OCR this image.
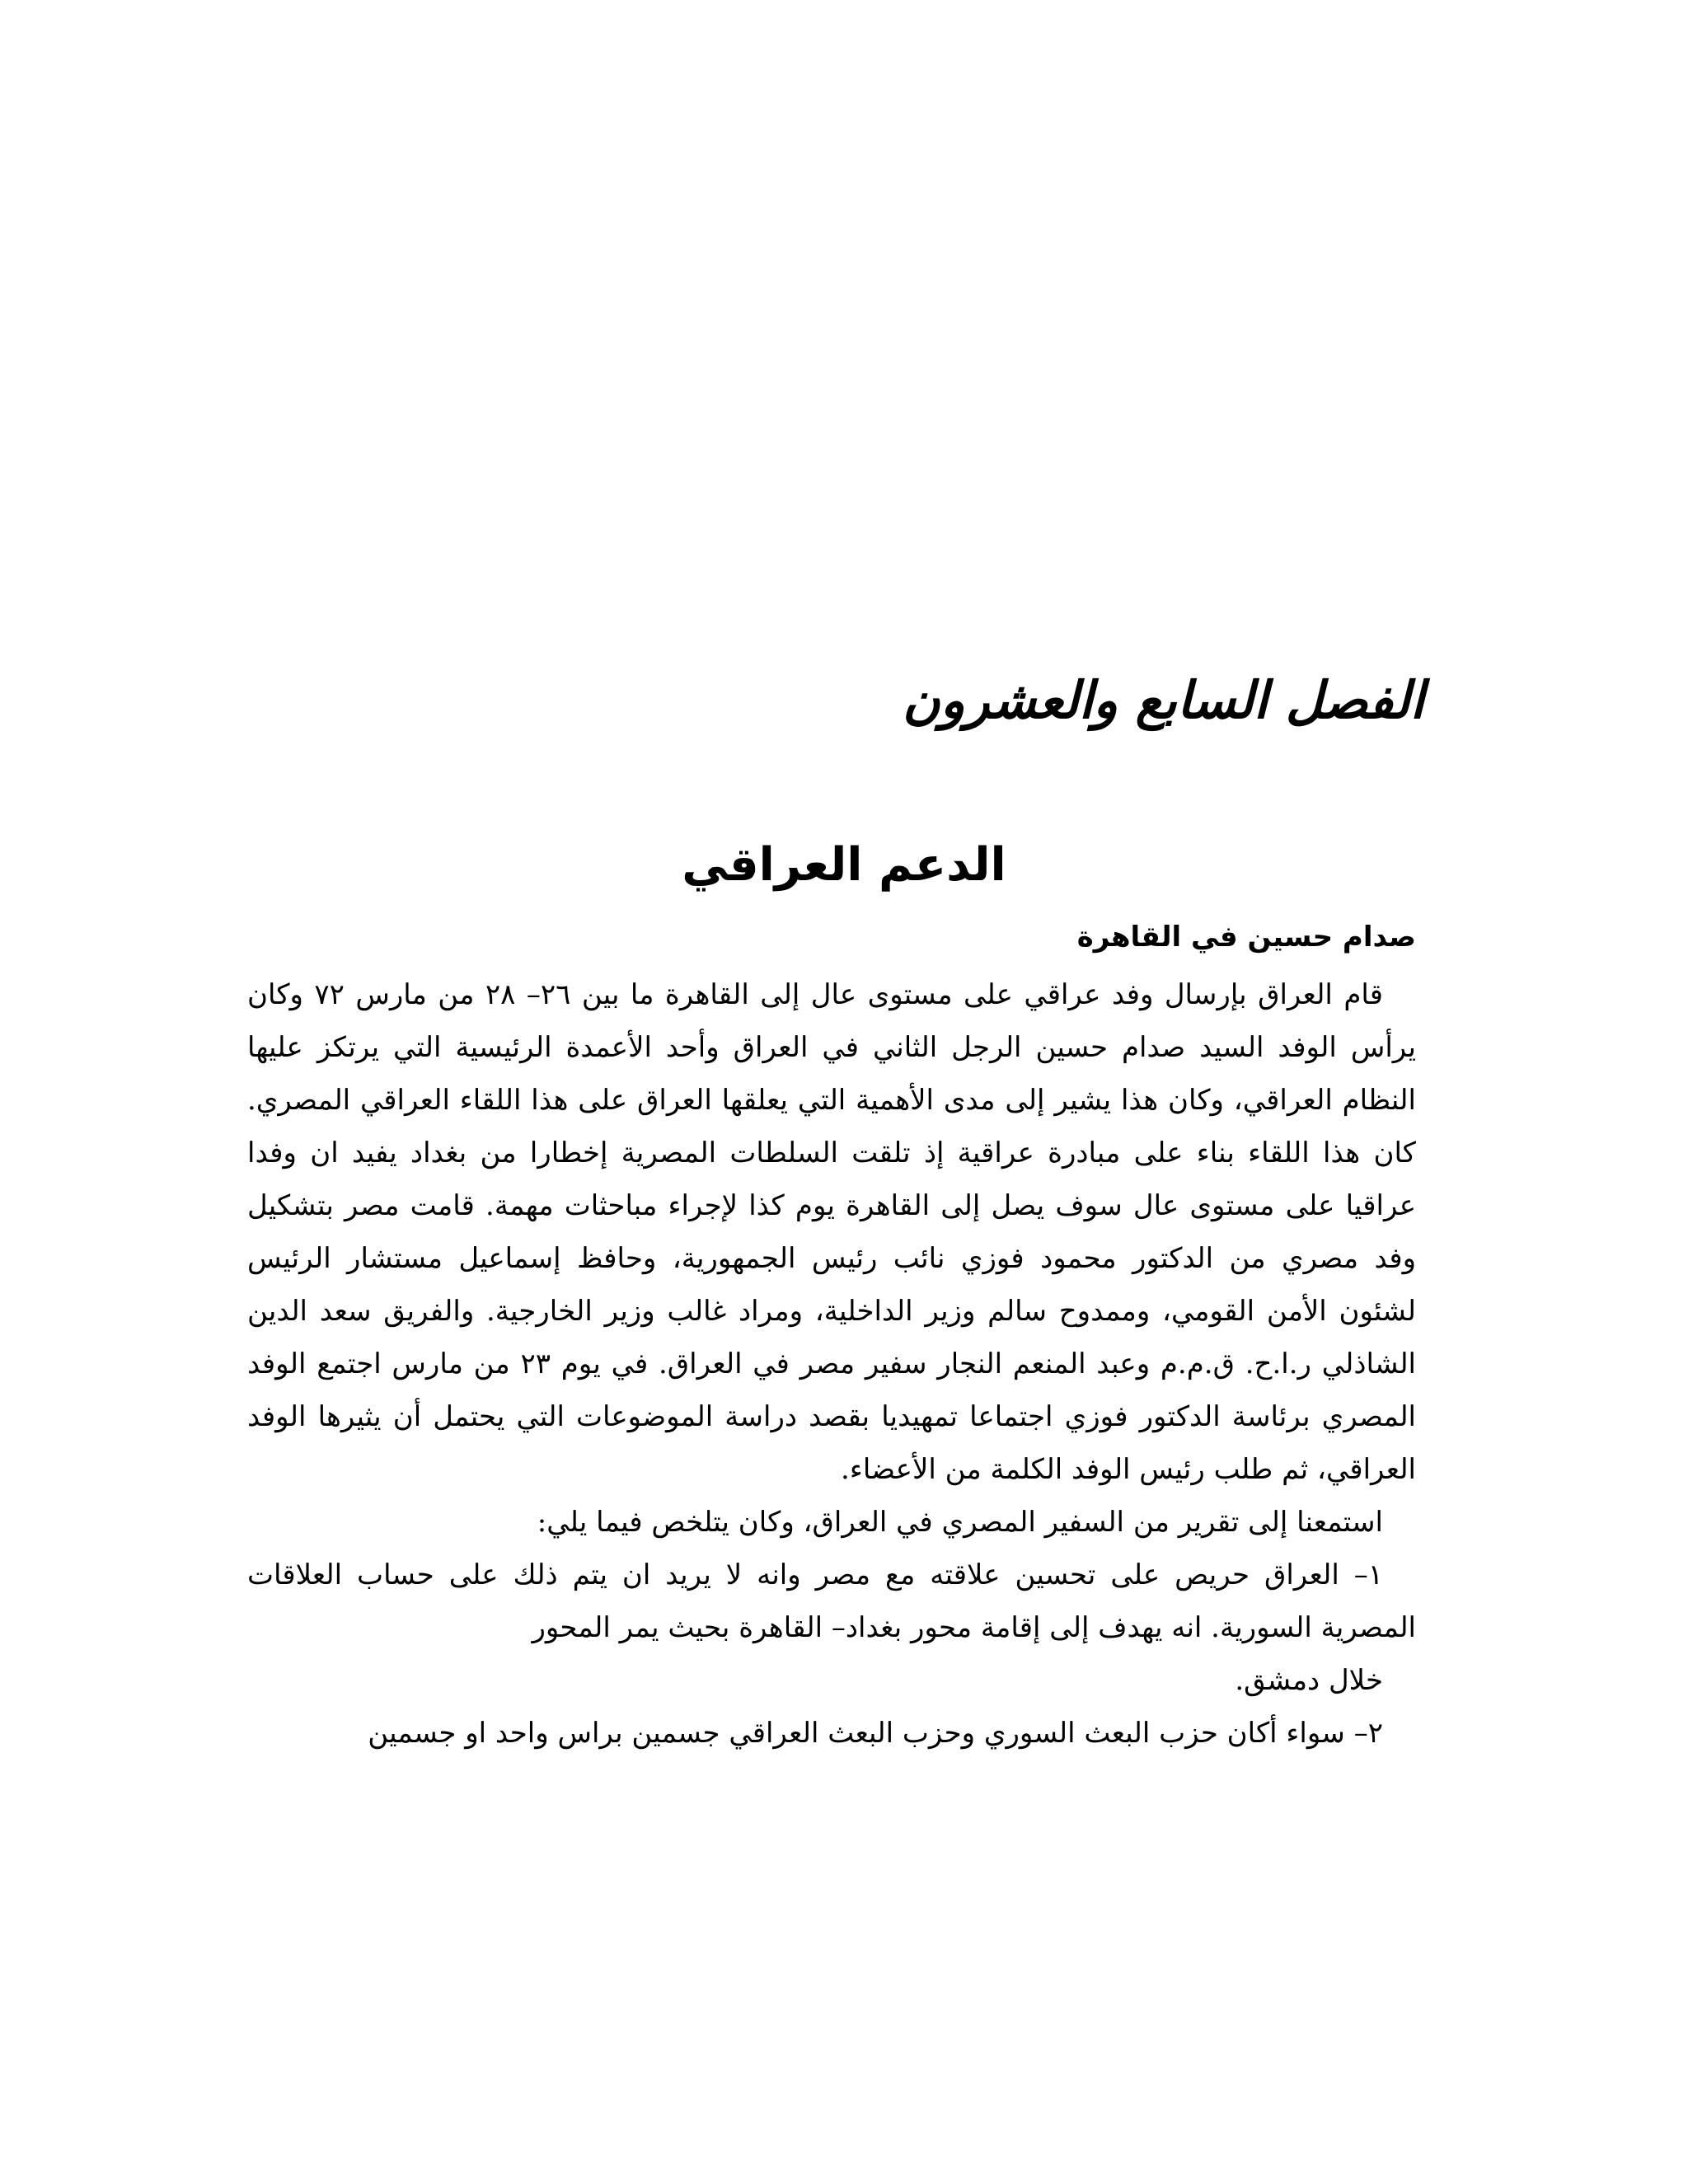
الفصل السابع والعشرون
الدعم العراقي
صدام حسين في القاهرة

قام العراق بإرسال وفد عراقي على مستوى عال إلى القاهرة ما بين ٢٦– ٢٨ من مارس ٧٢ وكان يرأس الوفد السيد صدام حسين الرجل الثاني في العراق وأحد الأعمدة الرئيسية التي يرتكز عليها النظام العراقي، وكان هذا يشير إلى مدى الأهمية التي يعلقها العراق على هذا اللقاء العراقي المصري. كان هذا اللقاء بناء على مبادرة عراقية إذ تلقت السلطات المصرية إخطارا من بغداد يفيد ان وفدا عراقيا على مستوى عال سوف يصل إلى القاهرة يوم كذا لإجراء مباحثات مهمة. قامت مصر بتشكيل وفد مصري من الدكتور محمود فوزي نائب رئيس الجمهورية، وحافظ إسماعيل مستشار الرئيس لشئون الأمن القومي، وممدوح سالم وزير الداخلية، ومراد غالب وزير الخارجية. والفريق سعد الدين الشاذلي ر.ا.ح. ق.م.م وعبد المنعم النجار سفير مصر في العراق. في يوم ٢٣ من مارس اجتمع الوفد المصري برئاسة الدكتور فوزي اجتماعا تمهيديا بقصد دراسة الموضوعات التي يحتمل أن يثيرها الوفد العراقي، ثم طلب رئيس الوفد الكلمة من الأعضاء.

استمعنا إلى تقرير من السفير المصري في العراق، وكان يتلخص فيما يلي:

١– العراق حريص على تحسين علاقته مع مصر وانه لا يريد ان يتم ذلك على حساب العلاقات المصرية السورية. انه يهدف إلى إقامة محور بغداد– القاهرة بحيث يمر المحور

خلال دمشق.

٢– سواء أكان حزب البعث السوري وحزب البعث العراقي جسمين براس واحد او جسمين
